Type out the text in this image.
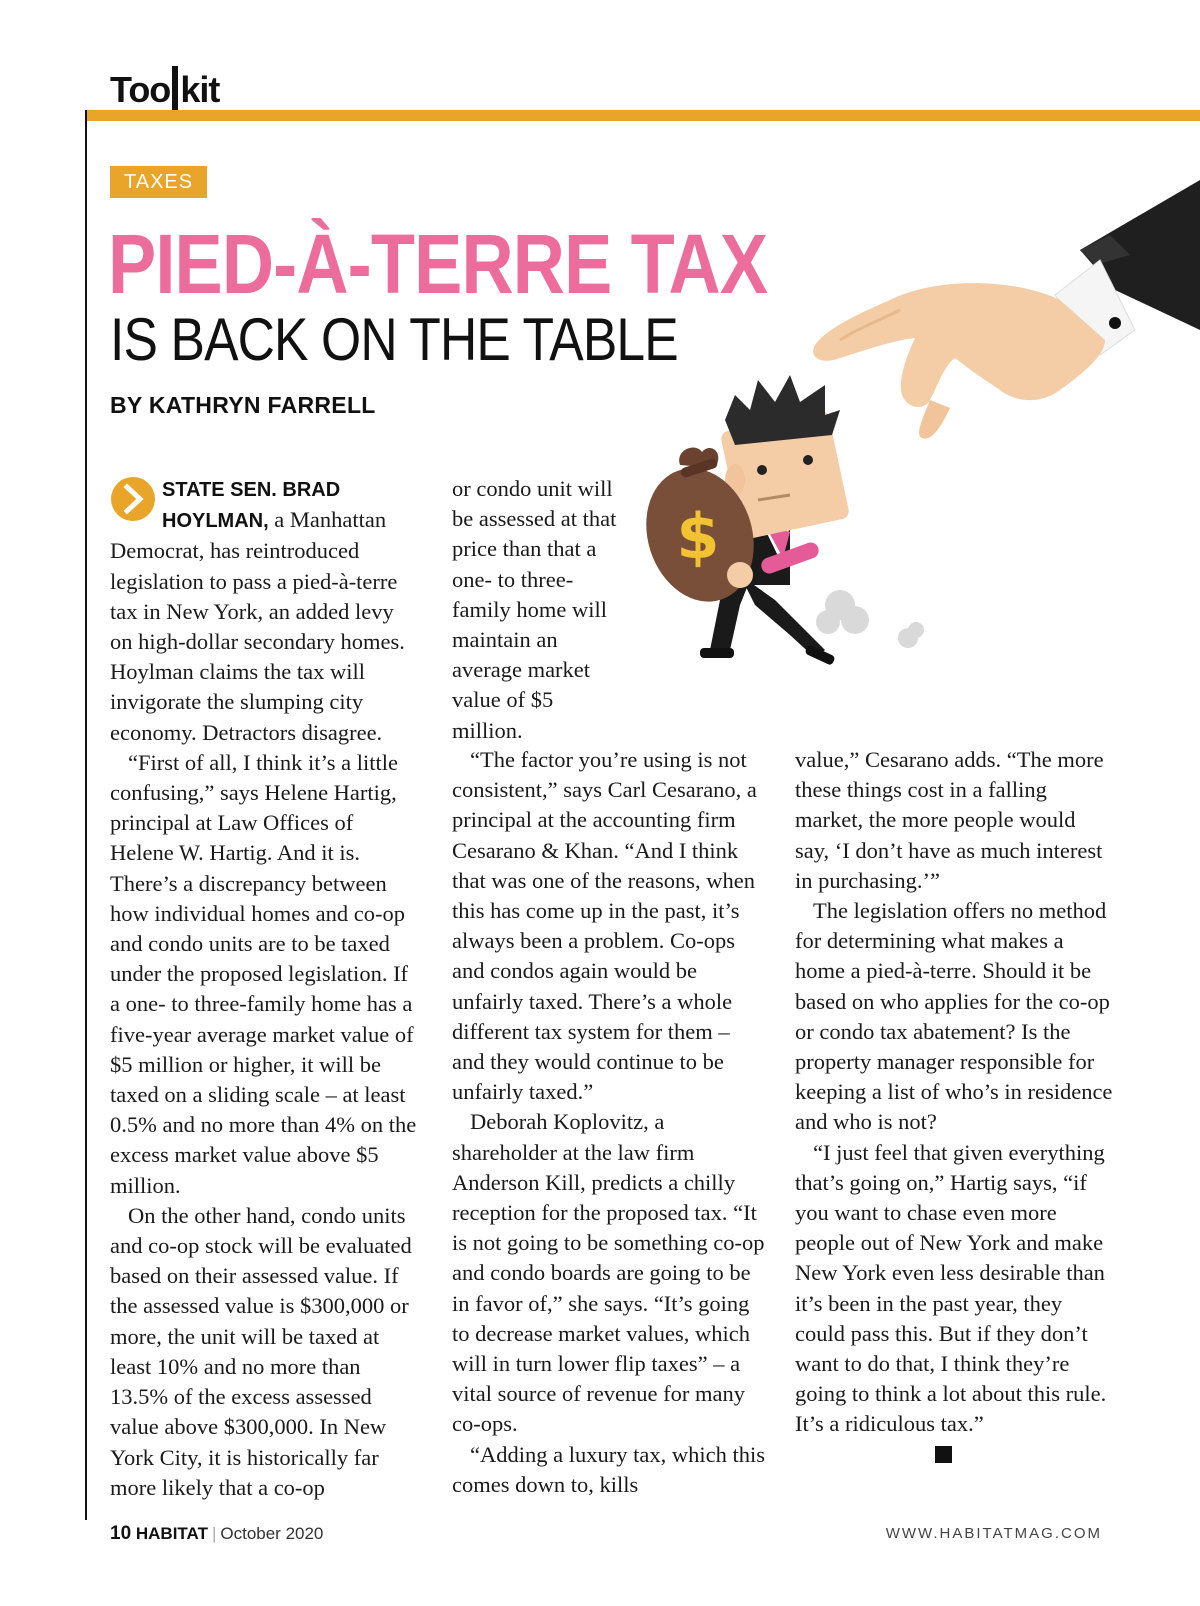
Too kit
TAXES
PIED-À-TERRE TAX
IS BACK ON THE TABLE
BY KATHRYN FARRELL
$

STATE SEN. BRAD
HOYLMAN, a Manhattan Democrat, has reintroduced legislation to pass a pied-à-terre tax in New York, an added levy on high-dollar secondary homes. Hoylman claims the tax will invigorate the slumping city economy. Detractors disagree.

“First of all, I think it’s a little confusing,” says Helene Hartig, principal at Law Offices of Helene W. Hartig. And it is. There’s a discrepancy between how individual homes and co-op and condo units are to be taxed under the proposed legislation. If a one- to three-family home has a five-year average market value of $5 million or higher, it will be taxed on a sliding scale – at least 0.5% and no more than 4% on the excess market value above $5 million.

On the other hand, condo units and co-op stock will be evaluated based on their assessed value. If the assessed value is $300,000 or more, the unit will be taxed at least 10% and no more than 13.5% of the excess assessed value above $300,000. In New York City, it is historically far more likely that a co-op

or condo unit will be assessed at that price than that a one- to three-family home will maintain an average market value of $5 million.

“The factor you’re using is not consistent,” says Carl Cesarano, a principal at the accounting firm Cesarano & Khan. “And I think that was one of the reasons, when this has come up in the past, it’s always been a problem. Co-ops and condos again would be unfairly taxed. There’s a whole different tax system for them – and they would continue to be unfairly taxed.”

Deborah Koplovitz, a shareholder at the law firm Anderson Kill, predicts a chilly reception for the proposed tax. “It is not going to be something co-op and condo boards are going to be in favor of,” she says. “It’s going to decrease market values, which will in turn lower flip taxes” – a vital source of revenue for many co-ops.

“Adding a luxury tax, which this comes down to, kills

value,” Cesarano adds. “The more these things cost in a falling market, the more people would say, ‘I don’t have as much interest in purchasing.’”

The legislation offers no method for determining what makes a home a pied-à-terre. Should it be based on who applies for the co-op or condo tax abatement? Is the property manager responsible for keeping a list of who’s in residence and who is not?

“I just feel that given everything that’s going on,” Hartig says, “if you want to chase even more people out of New York and make New York even less desirable than it’s been in the past year, they could pass this. But if they don’t want to do that, I think they’re going to think a lot about this rule. It’s a ridiculous tax.”

10 HABITAT | October 2020	WWW.HABITATMAG.COM
